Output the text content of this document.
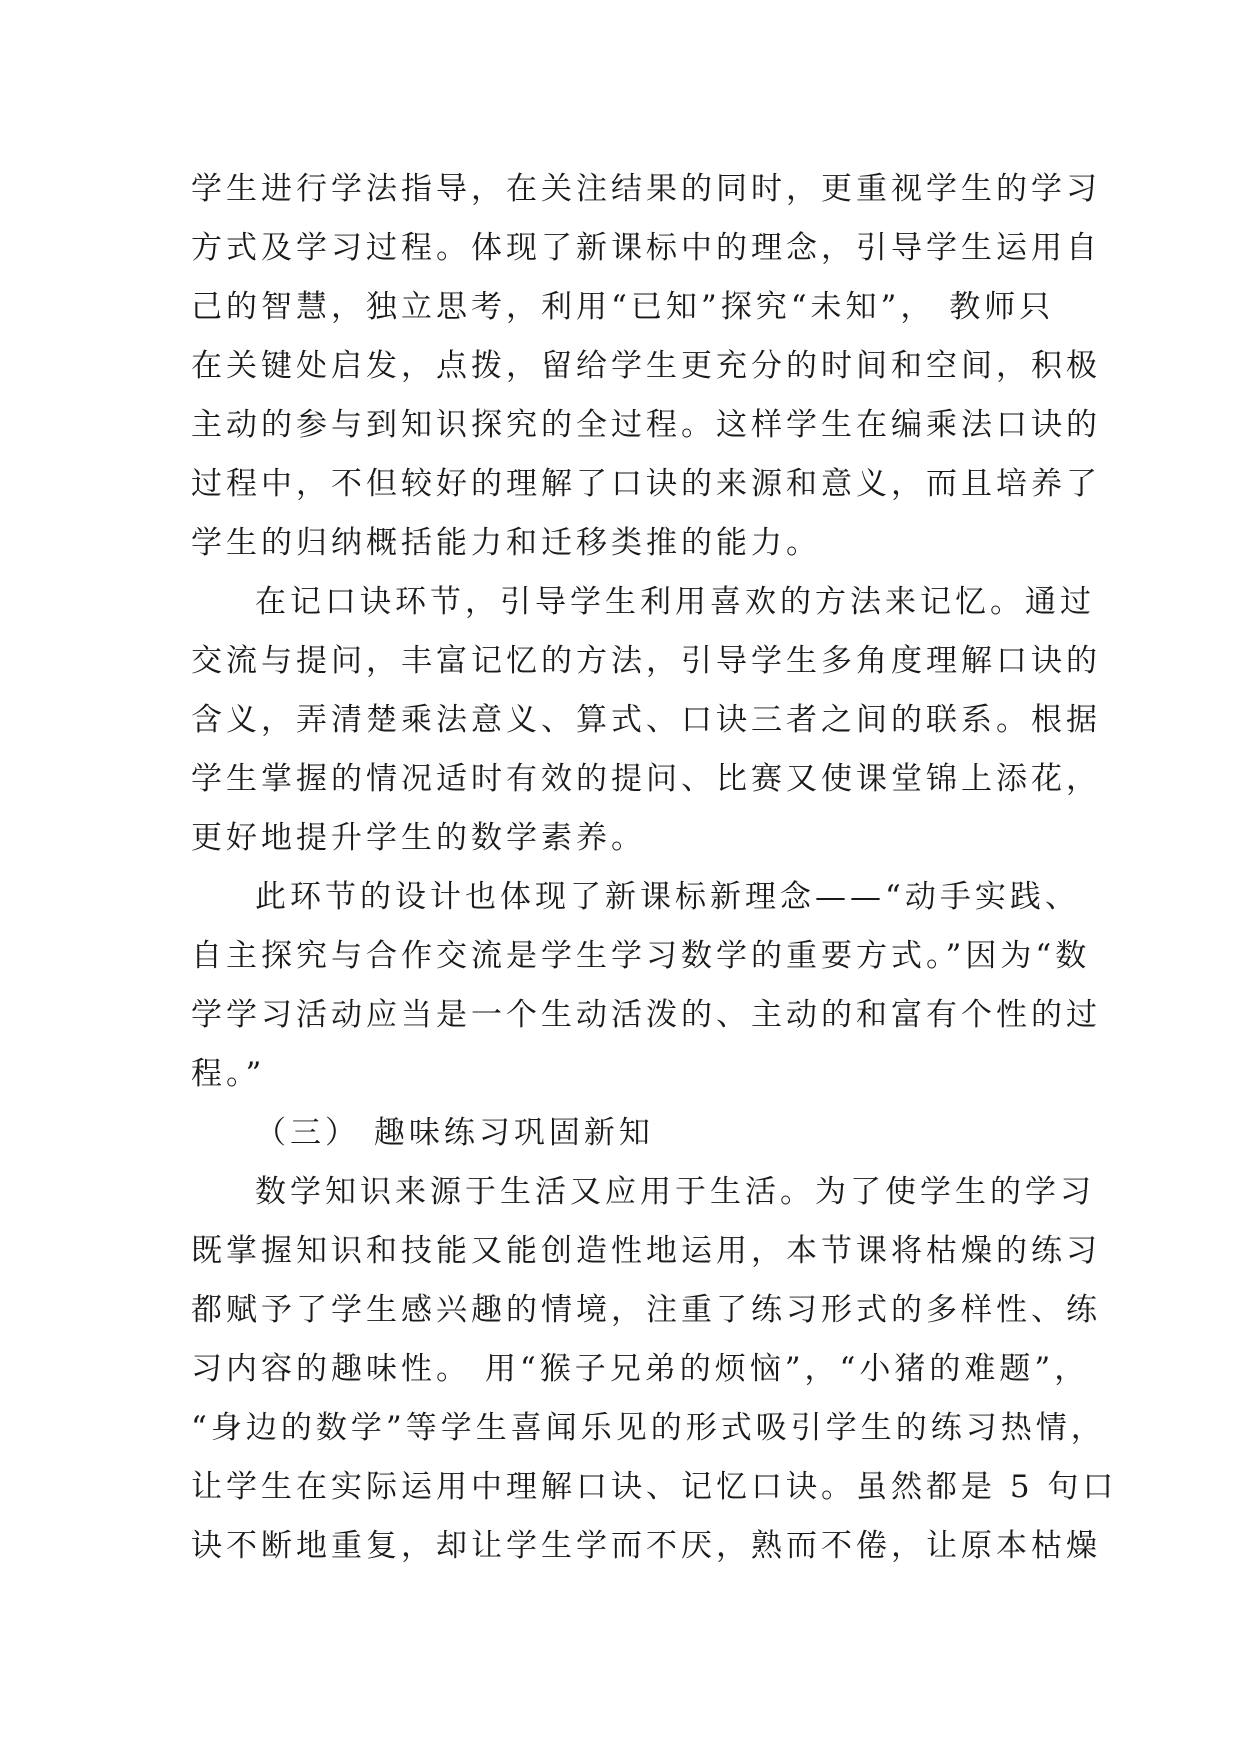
学生进行学法指导，在关注结果的同时，更重视学生的学习
方式及学习过程。体现了新课标中的理念，引导学生运用自
己的智慧，独立思考，利用“已知”探究“未知”， 教师只
在关键处启发，点拨，留给学生更充分的时间和空间，积极
主动的参与到知识探究的全过程。这样学生在编乘法口诀的
过程中，不但较好的理解了口诀的来源和意义，而且培养了
学生的归纳概括能力和迁移类推的能力。
在记口诀环节，引导学生利用喜欢的方法来记忆。通过
交流与提问，丰富记忆的方法，引导学生多角度理解口诀的
含义，弄清楚乘法意义、算式、口诀三者之间的联系。根据
学生掌握的情况适时有效的提问、比赛又使课堂锦上添花，
更好地提升学生的数学素养。
此环节的设计也体现了新课标新理念——“动手实践、
自主探究与合作交流是学生学习数学的重要方式。”因为“数
学学习活动应当是一个生动活泼的、主动的和富有个性的过
程。”
（三） 趣味练习巩固新知
数学知识来源于生活又应用于生活。为了使学生的学习
既掌握知识和技能又能创造性地运用，本节课将枯燥的练习
都赋予了学生感兴趣的情境，注重了练习形式的多样性、练
习内容的趣味性。 用“猴子兄弟的烦恼”，“小猪的难题”，
“身边的数学”等学生喜闻乐见的形式吸引学生的练习热情，
让学生在实际运用中理解口诀、记忆口诀。虽然都是 5 句口
诀不断地重复，却让学生学而不厌，熟而不倦，让原本枯燥
